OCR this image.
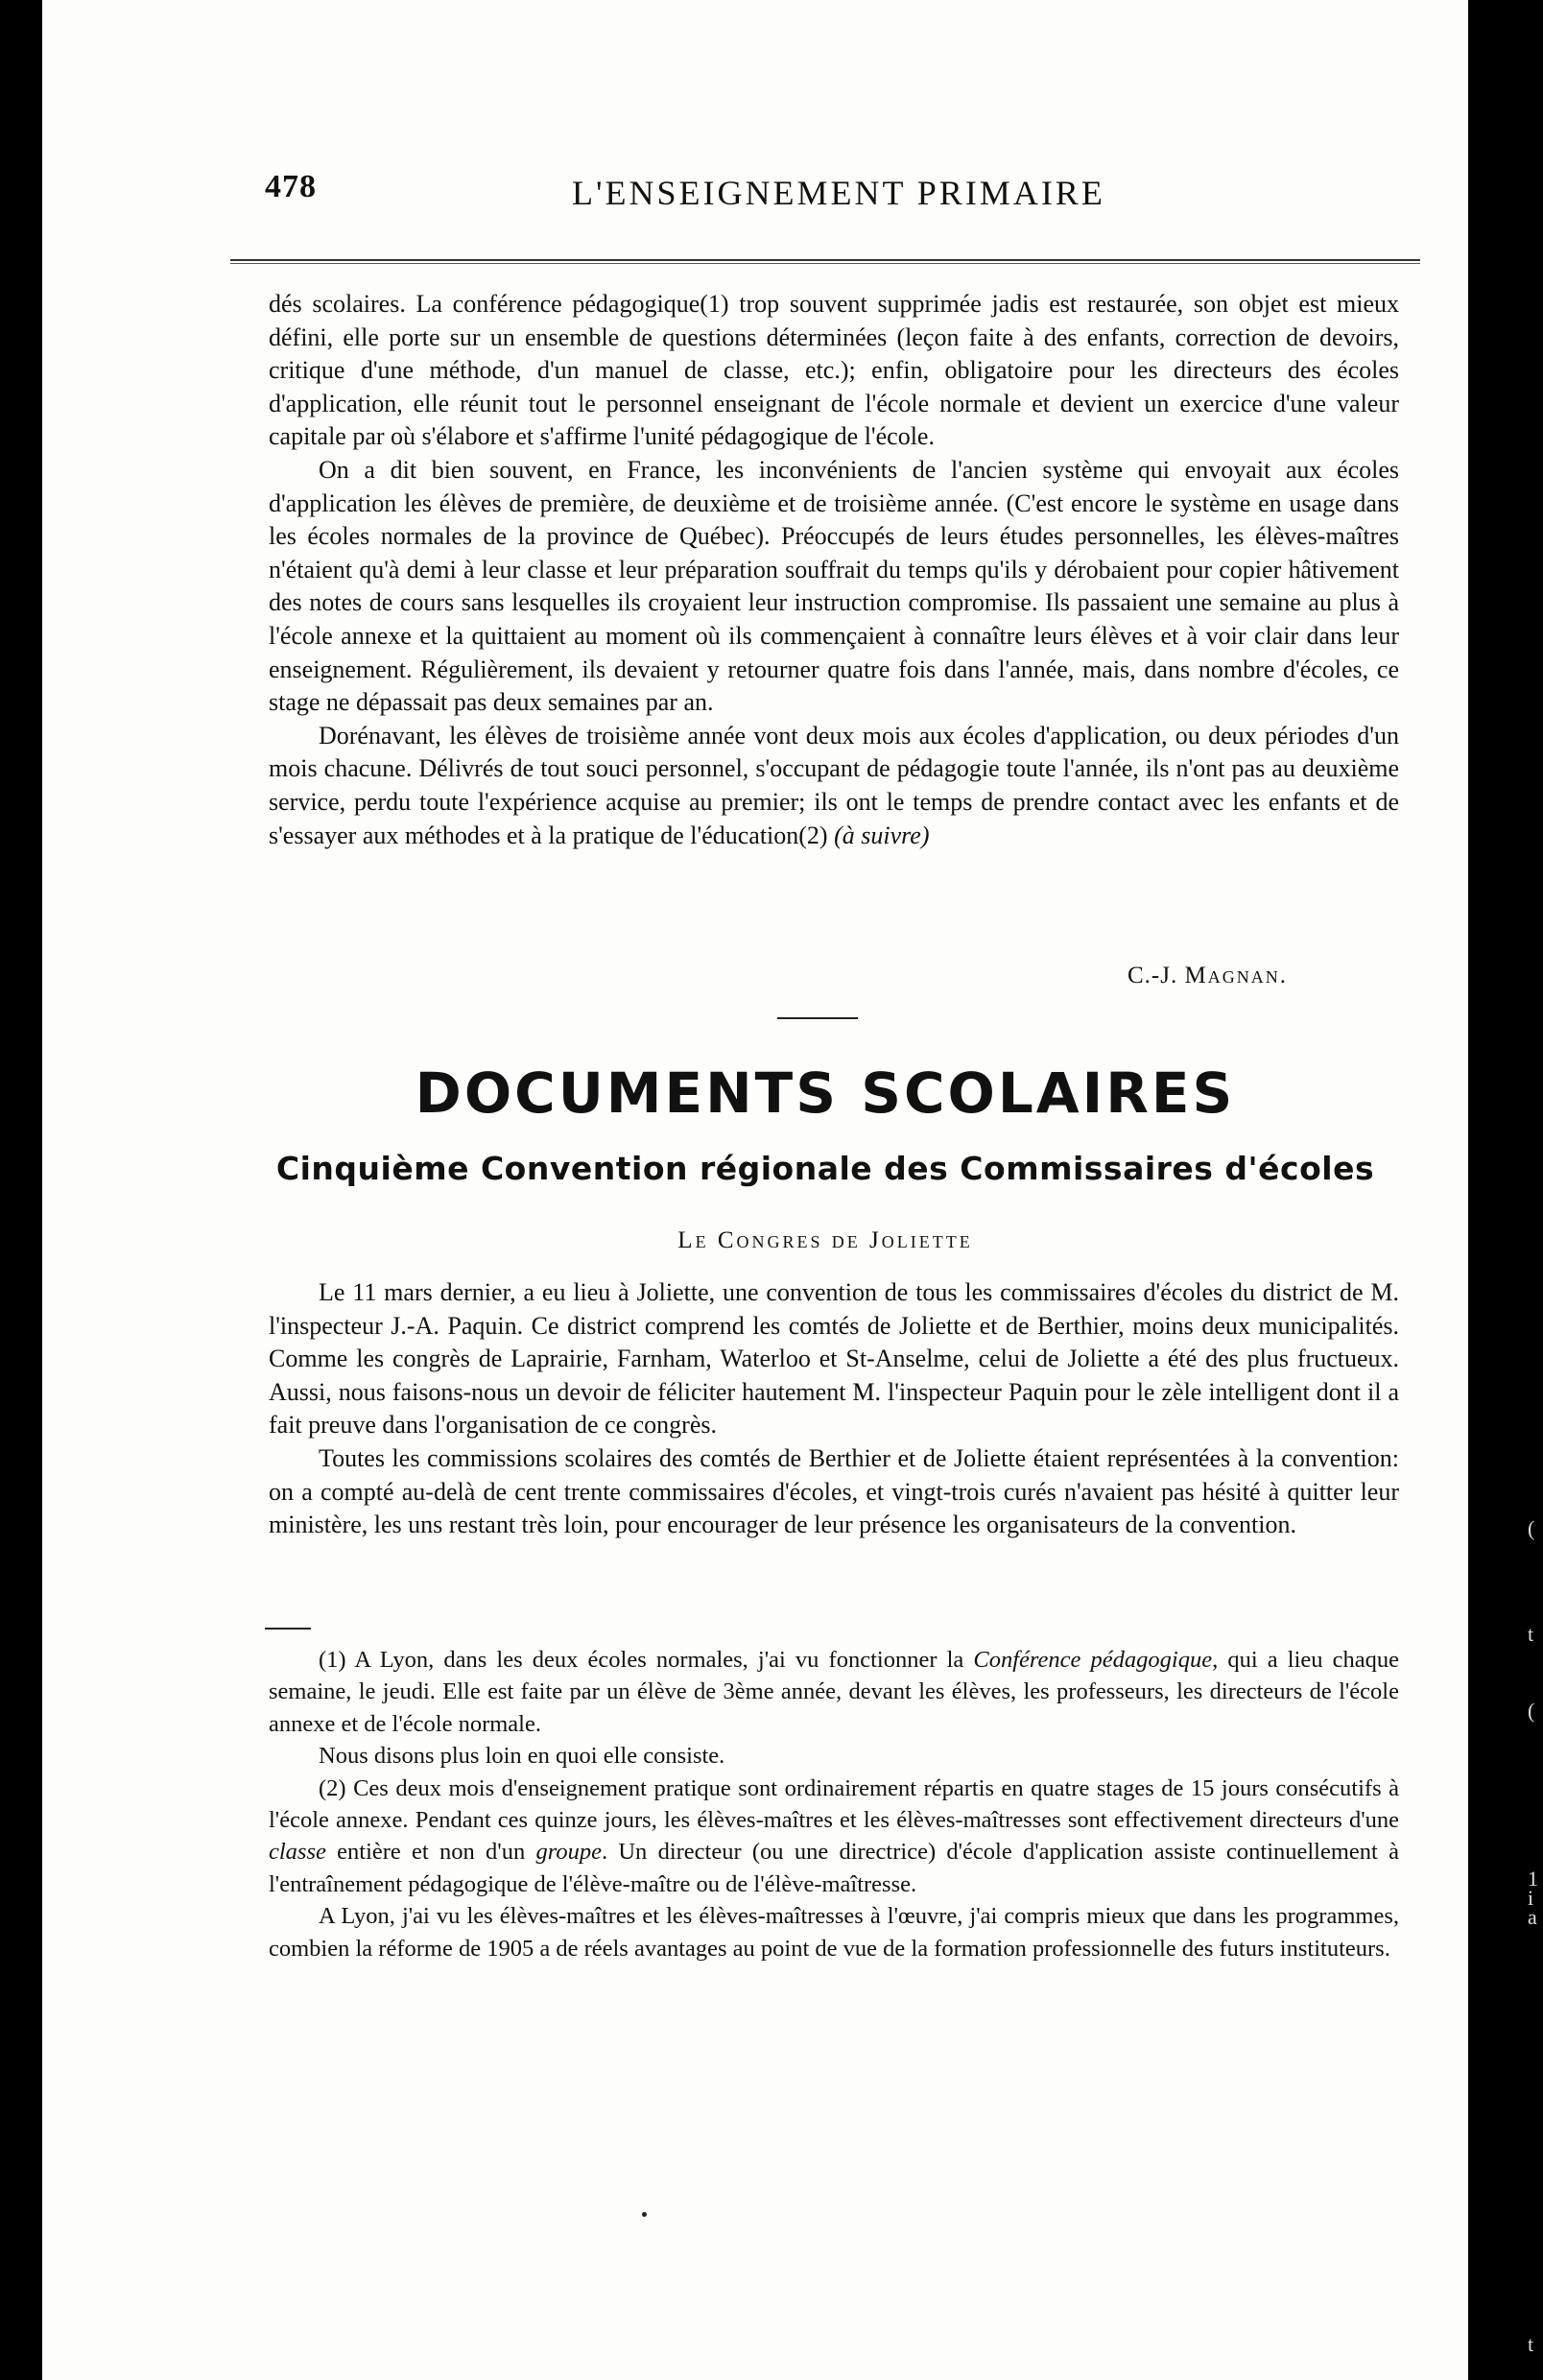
478	L'ENSEIGNEMENT PRIMAIRE

dés scolaires. La conférence pédagogique(1) trop souvent supprimée jadis est restaurée, son objet est mieux défini, elle porte sur un ensemble de questions déterminées (leçon faite à des enfants, correction de devoirs, critique d'une méthode, d'un manuel de classe, etc.); enfin, obligatoire pour les directeurs des écoles d'application, elle réunit tout le personnel enseignant de l'école normale et devient un exercice d'une valeur capitale par où s'élabore et s'affirme l'unité pédagogique de l'école.

On a dit bien souvent, en France, les inconvénients de l'ancien système qui envoyait aux écoles d'application les élèves de première, de deuxième et de troisième année. (C'est encore le système en usage dans les écoles normales de la province de Québec). Préoccupés de leurs études personnelles, les élèves-maîtres n'étaient qu'à demi à leur classe et leur préparation souffrait du temps qu'ils y dérobaient pour copier hâtivement des notes de cours sans lesquelles ils croyaient leur instruction compromise. Ils passaient une semaine au plus à l'école annexe et la quittaient au moment où ils commençaient à connaître leurs élèves et à voir clair dans leur enseignement. Régulièrement, ils devaient y retourner quatre fois dans l'année, mais, dans nombre d'écoles, ce stage ne dépassait pas deux semaines par an.

Dorénavant, les élèves de troisième année vont deux mois aux écoles d'application, ou deux périodes d'un mois chacune. Délivrés de tout souci personnel, s'occupant de pédagogie toute l'année, ils n'ont pas au deuxième service, perdu toute l'expérience acquise au premier; ils ont le temps de prendre contact avec les enfants et de s'essayer aux méthodes et à la pratique de l'éducation(2) (à suivre)

C.-J. Magnan.
DOCUMENTS SCOLAIRES
Cinquième Convention régionale des Commissaires d'écoles
Le Congres de Joliette

Le 11 mars dernier, a eu lieu à Joliette, une convention de tous les commissaires d'écoles du district de M. l'inspecteur J.-A. Paquin. Ce district comprend les comtés de Joliette et de Berthier, moins deux municipalités. Comme les congrès de Laprairie, Farnham, Waterloo et St-Anselme, celui de Joliette a été des plus fructueux. Aussi, nous faisons-nous un devoir de féliciter hautement M. l'inspecteur Paquin pour le zèle intelligent dont il a fait preuve dans l'organisation de ce congrès.

Toutes les commissions scolaires des comtés de Berthier et de Joliette étaient représentées à la convention: on a compté au-delà de cent trente commissaires d'écoles, et vingt-trois curés n'avaient pas hésité à quitter leur ministère, les uns restant très loin, pour encourager de leur présence les organisateurs de la convention.

(1) A Lyon, dans les deux écoles normales, j'ai vu fonctionner la Conférence pédagogique, qui a lieu chaque semaine, le jeudi. Elle est faite par un élève de 3ème année, devant les élèves, les professeurs, les directeurs de l'école annexe et de l'école normale.

Nous disons plus loin en quoi elle consiste.

(2) Ces deux mois d'enseignement pratique sont ordinairement répartis en quatre stages de 15 jours consécutifs à l'école annexe. Pendant ces quinze jours, les élèves-maîtres et les élèves-maîtresses sont effectivement directeurs d'une classe entière et non d'un groupe. Un directeur (ou une directrice) d'école d'application assiste continuellement à l'entraînement pédagogique de l'élève-maître ou de l'élève-maîtresse.

A Lyon, j'ai vu les élèves-maîtres et les élèves-maîtresses à l'œuvre, j'ai compris mieux que dans les programmes, combien la réforme de 1905 a de réels avantages au point de vue de la formation professionnelle des futurs instituteurs.

(
t
(
1
i
a
t
